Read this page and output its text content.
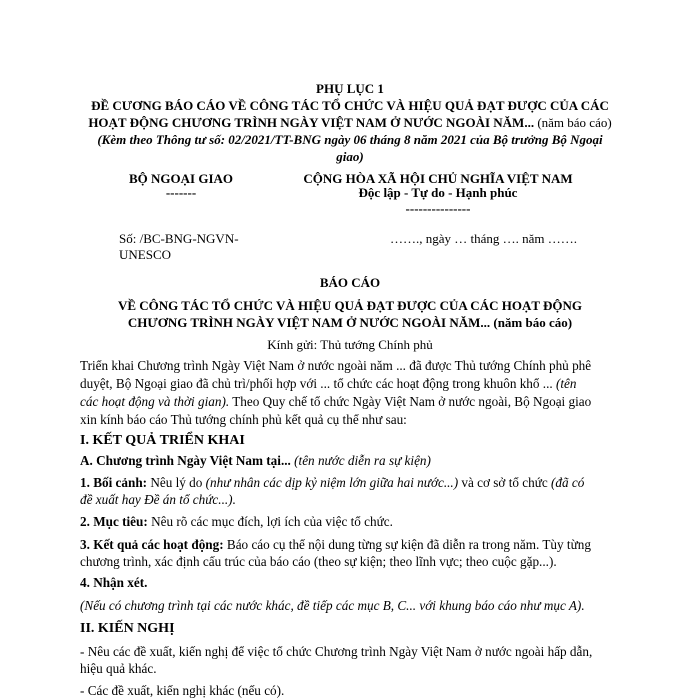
PHỤ LỤC 1
ĐỀ CƯƠNG BÁO CÁO VỀ CÔNG TÁC TỔ CHỨC VÀ HIỆU QUẢ ĐẠT ĐƯỢC CỦA CÁC
HOẠT ĐỘNG CHƯƠNG TRÌNH NGÀY VIỆT NAM Ở NƯỚC NGOÀI NĂM... (năm báo cáo)
(Kèm theo Thông tư số: 02/2021/TT-BNG ngày 06 tháng 8 năm 2021 của Bộ trưởng Bộ Ngoại
giao)
BỘ NGOẠI GIAO
-------
CỘNG HÒA XÃ HỘI CHỦ NGHĨA VIỆT NAM
Độc lập - Tự do - Hạnh phúc
---------------
Số: /BC-BNG-NGVN-
UNESCO
……., ngày … tháng …. năm …….
BÁO CÁO
VỀ CÔNG TÁC TỔ CHỨC VÀ HIỆU QUẢ ĐẠT ĐƯỢC CỦA CÁC HOẠT ĐỘNG
CHƯƠNG TRÌNH NGÀY VIỆT NAM Ở NƯỚC NGOÀI NĂM... (năm báo cáo)
Kính gửi: Thủ tướng Chính phủ
Triển khai Chương trình Ngày Việt Nam ở nước ngoài năm ... đã được Thủ tướng Chính phủ phê
duyệt, Bộ Ngoại giao đã chủ trì/phối hợp với ... tổ chức các hoạt động trong khuôn khổ ... (tên
các hoạt động và thời gian). Theo Quy chế tổ chức Ngày Việt Nam ở nước ngoài, Bộ Ngoại giao
xin kính báo cáo Thủ tướng chính phủ kết quả cụ thể như sau:
I. KẾT QUẢ TRIỂN KHAI
A. Chương trình Ngày Việt Nam tại... (tên nước diễn ra sự kiện)
1. Bối cảnh: Nêu lý do (như nhân các dịp kỷ niệm lớn giữa hai nước...) và cơ sở tổ chức (đã có
đề xuất hay Đề án tổ chức...).
2. Mục tiêu: Nêu rõ các mục đích, lợi ích của việc tổ chức.
3. Kết quả các hoạt động: Báo cáo cụ thể nội dung từng sự kiện đã diễn ra trong năm. Tùy từng
chương trình, xác định cấu trúc của báo cáo (theo sự kiện; theo lĩnh vực; theo cuộc gặp...).
4. Nhận xét.
(Nếu có chương trình tại các nước khác, đề tiếp các mục B, C... với khung báo cáo như mục A).
II. KIẾN NGHỊ
- Nêu các đề xuất, kiến nghị để việc tổ chức Chương trình Ngày Việt Nam ở nước ngoài hấp dẫn,
hiệu quả khác.
- Các đề xuất, kiến nghị khác (nếu có).
